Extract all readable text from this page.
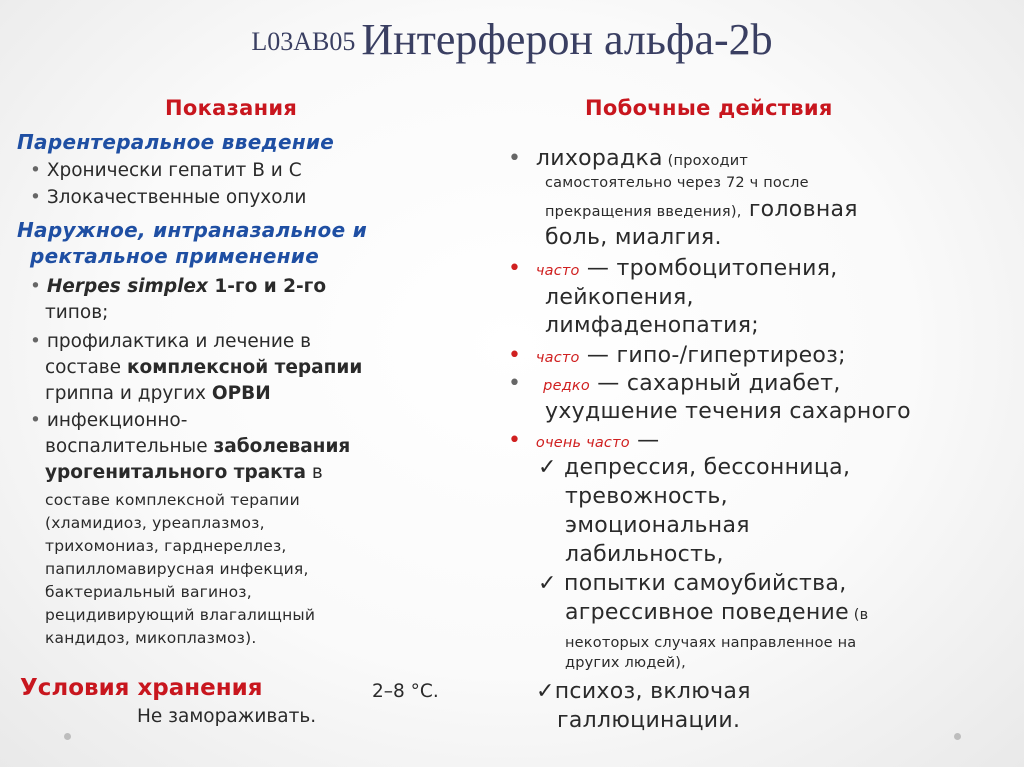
L03AB05 Интерферон альфа-2b
Показания
Парентеральное введение
• Хронически гепатит В и С
• Злокачественные опухоли
Наружное, интраназальное и
ректальное применение
• Herpes simplex 1-го и 2-го
типов;
• профилактика и лечение в
составе комплексной терапии
гриппа и других ОРВИ
• инфекционно-
воспалительные заболевания
урогенитального тракта в
составе комплексной терапии
(хламидиоз, уреаплазмоз,
трихомониаз, гарднереллез,
папилломавирусная инфекция,
бактериальный вагиноз,
рецидивирующий влагалищный
кандидоз, микоплазмоз).
Условия хранения	2–8 °С.
Не замораживать.
Побочные действия
• лихорадка (проходит
самостоятельно через 72 ч после
прекращения введения), головная
боль, миалгия.
• часто — тромбоцитопения,
лейкопения,
лимфаденопатия;
• часто — гипо-/гипертиреоз;
• редко — сахарный диабет,
ухудшение течения сахарного
• очень часто —
✓ депрессия, бессонница,
тревожность,
эмоциональная
лабильность,
✓ попытки самоубийства,
агрессивное поведение (в
некоторых случаях направленное на
других людей),
✓психоз, включая
галлюцинации.
